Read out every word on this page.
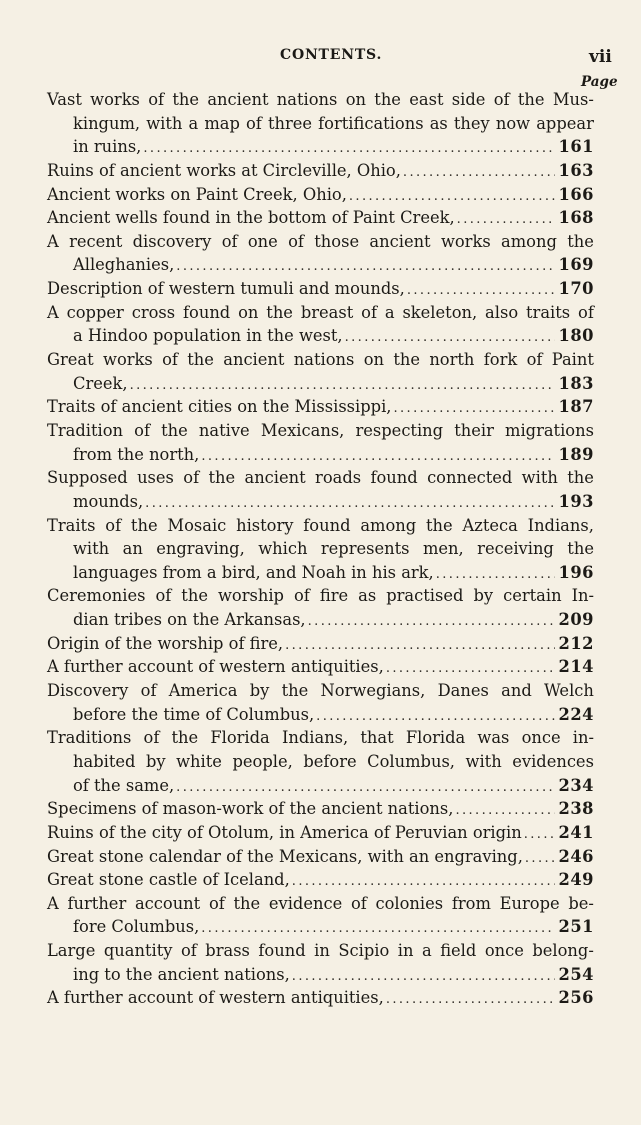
CONTENTS.	vii
Page
Vast works of the ancient nations on the east side of the Mus-
kingum, with a map of three fortifications as they now appear
in ruins, .....	161
Ruins of ancient works at Circleville, Ohio, .....	163
Ancient works on Paint Creek, Ohio, .....	166
Ancient wells found in the bottom of Paint Creek, .....	168
A recent discovery of one of those ancient works among the
Alleghanies, .....	169
Description of western tumuli and mounds, .....	170
A copper cross found on the breast of a skeleton, also traits of
a Hindoo population in the west, .....	180
Great works of the ancient nations on the north fork of Paint
Creek, .....	183
Traits of ancient cities on the Mississippi, .....	187
Tradition of the native Mexicans, respecting their migrations
from the north, .....	189
Supposed uses of the ancient roads found connected with the
mounds, .....	193
Traits of the Mosaic history found among the Azteca Indians,
with an engraving, which represents men, receiving the
languages from a bird, and Noah in his ark, .....	196
Ceremonies of the worship of fire as practised by certain In-
dian tribes on the Arkansas, .....	209
Origin of the worship of fire, .....	212
A further account of western antiquities, .....	214
Discovery of America by the Norwegians, Danes and Welch
before the time of Columbus, .....	224
Traditions of the Florida Indians, that Florida was once in-
habited by white people, before Columbus, with evidences
of the same, .....	234
Specimens of mason-work of the ancient nations, .....	238
Ruins of the city of Otolum, in America of Peruvian origin ..... 241
Great stone calendar of the Mexicans, with an engraving, ..... 246
Great stone castle of Iceland, .....	249
A further account of the evidence of colonies from Europe be-
fore Columbus, .....	251
Large quantity of brass found in Scipio in a field once belong-
ing to the ancient nations, .....	254
A further account of western antiquities, .....	256
